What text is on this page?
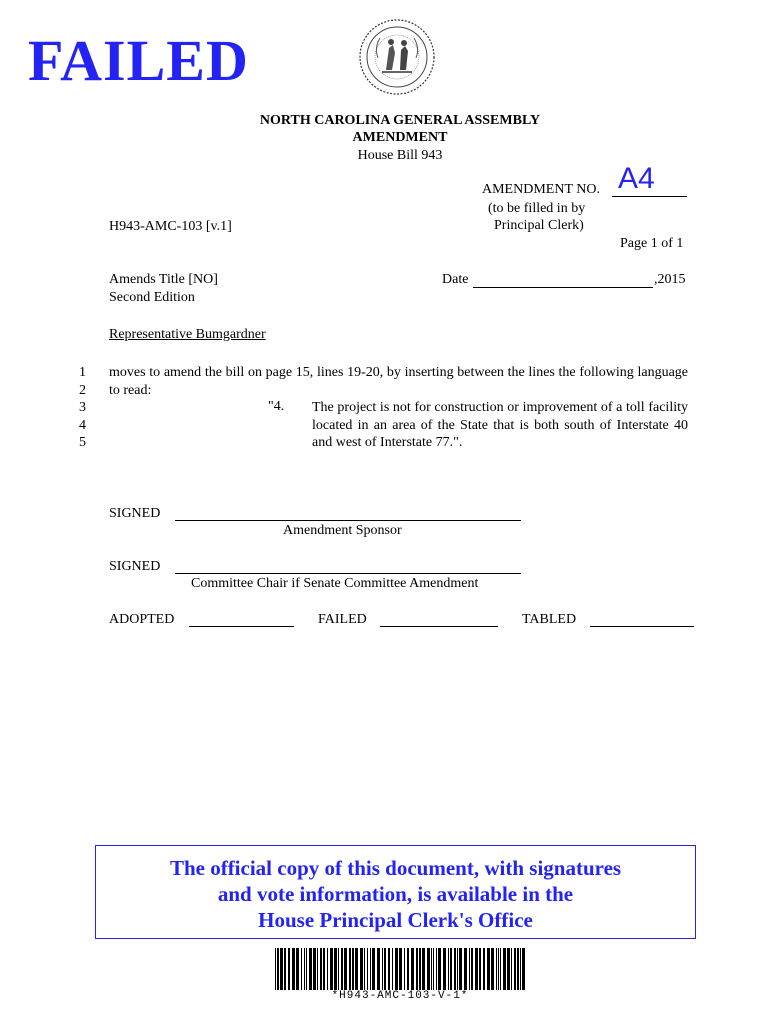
FAILED
NORTH CAROLINA GENERAL ASSEMBLY
AMENDMENT
House Bill 943
AMENDMENT NO. A4
(to be filled in by
Principal Clerk)
H943-AMC-103 [v.1]
Page 1 of 1
Amends Title [NO]
Second Edition
Date	,2015
Representative Bumgardner
1
2
3
4
5
moves to amend the bill on page 15, lines 19-20, by inserting between the lines the following language to read:
"4. The project is not for construction or improvement of a toll facility located in an area of the State that is both south of Interstate 40 and west of Interstate 77.".
SIGNED
Amendment Sponsor
SIGNED
Committee Chair if Senate Committee Amendment
ADOPTED	FAILED	TABLED
The official copy of this document, with signatures
and vote information, is available in the
House Principal Clerk's Office
*H943-AMC-103-V-1*
